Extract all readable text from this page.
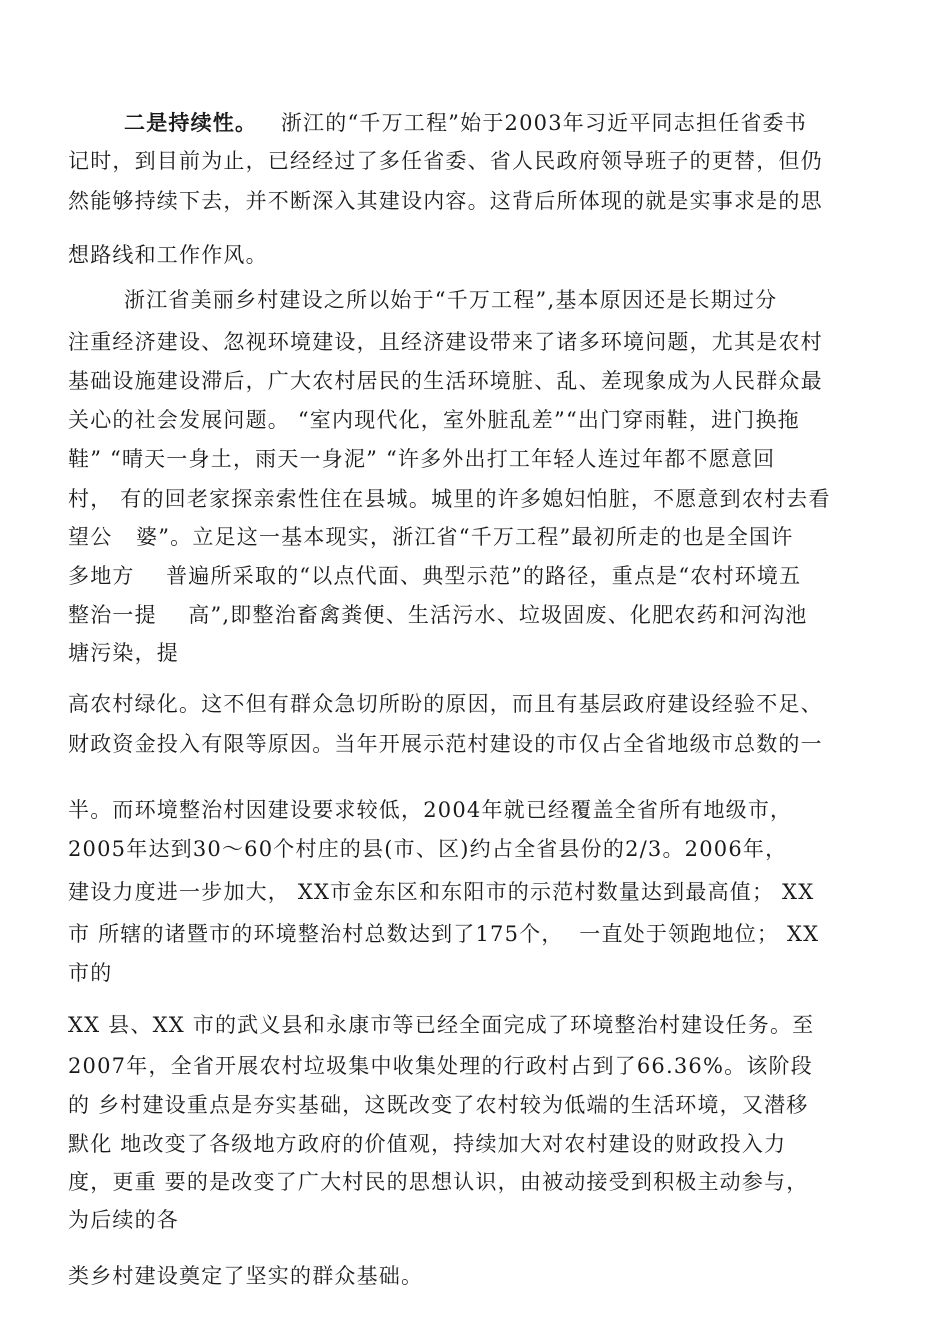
二是持续性。 浙江的“千万工程”始于2003年习近平同志担任省委书
记时，到目前为止，已经经过了多任省委、省人民政府领导班子的更替，但仍
然能够持续下去，并不断深入其建设内容。这背后所体现的就是实事求是的思
想路线和工作作风。
浙江省美丽乡村建设之所以始于“千万工程”,基本原因还是长期过分
注重经济建设、忽视环境建设，且经济建设带来了诸多环境问题，尤其是农村
基础设施建设滞后，广大农村居民的生活环境脏、乱、差现象成为人民群众最
关心的社会发展问题。 “室内现代化，室外脏乱差”“出门穿雨鞋，进门换拖
鞋” “晴天一身土，雨天一身泥” “许多外出打工年轻人连过年都不愿意回
村， 有的回老家探亲索性住在县城。城里的许多媳妇怕脏，不愿意到农村去看
望公   婆”。立足这一基本现实，浙江省“千万工程”最初所走的也是全国许
多地方    普遍所采取的“以点代面、典型示范”的路径，重点是“农村环境五
整治一提    高”,即整治畜禽粪便、生活污水、垃圾固废、化肥农药和河沟池
塘污染，提
高农村绿化。这不但有群众急切所盼的原因，而且有基层政府建设经验不足、
财政资金投入有限等原因。当年开展示范村建设的市仅占全省地级市总数的一
半。而环境整治村因建设要求较低，2004年就已经覆盖全省所有地级市，
2005年达到30～60个村庄的县(市、区)约占全省县份的2/3。2006年，
建设力度进一步加大， XX市金东区和东阳市的示范村数量达到最高值； XX
市 所辖的诸暨市的环境整治村总数达到了175个，  一直处于领跑地位； XX
市的
XX 县、XX 市的武义县和永康市等已经全面完成了环境整治村建设任务。至
2007年，全省开展农村垃圾集中收集处理的行政村占到了66.36%。该阶段
的 乡村建设重点是夯实基础，这既改变了农村较为低端的生活环境，又潜移
默化 地改变了各级地方政府的价值观，持续加大对农村建设的财政投入力
度，更重 要的是改变了广大村民的思想认识，由被动接受到积极主动参与，
为后续的各
类乡村建设奠定了坚实的群众基础。
